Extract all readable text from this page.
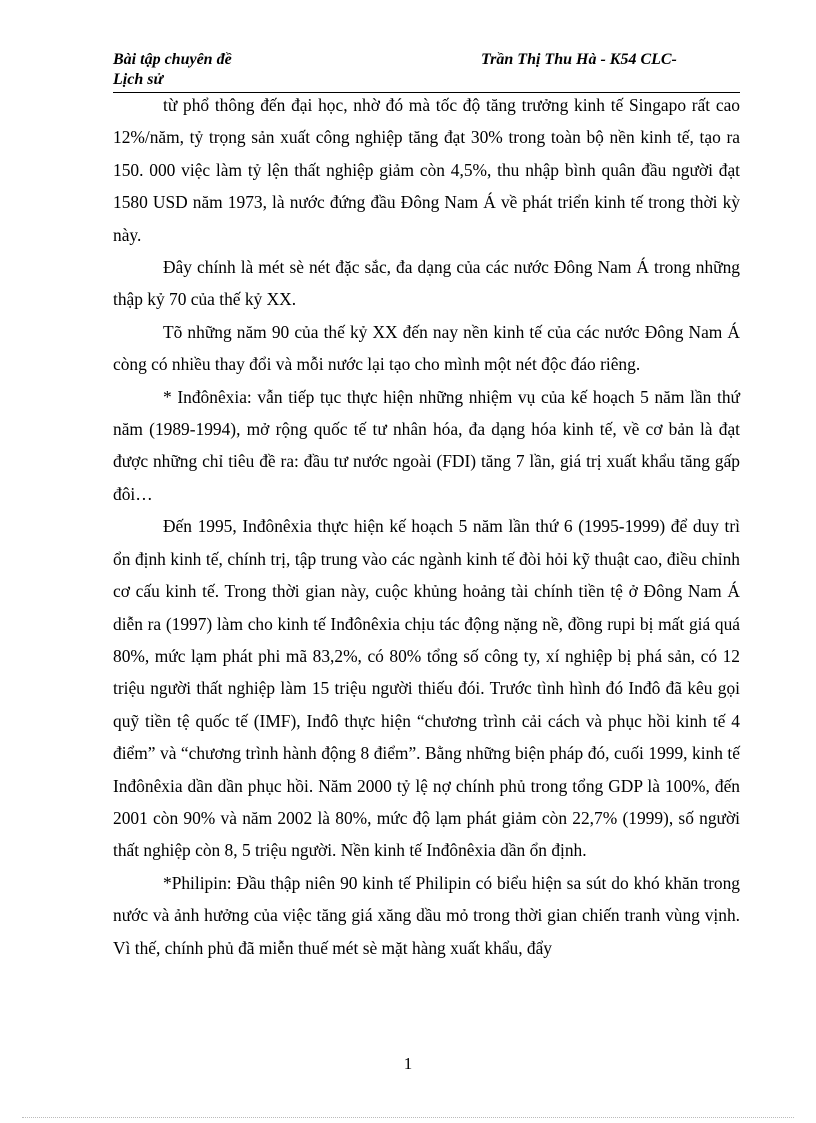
Bài tập chuyên đề
Lịch sử
Trần Thị Thu Hà - K54 CLC-

từ phổ thông đến đại học, nhờ đó mà tốc độ tăng trưởng kinh tế Singapo rất cao 12%/năm, tỷ trọng sản xuất công nghiệp tăng đạt 30% trong toàn bộ nền kinh tế, tạo ra 150. 000 việc làm tỷ lện thất nghiệp giảm còn 4,5%, thu nhập bình quân đầu người đạt 1580 USD năm 1973, là nước đứng đầu Đông Nam Á về phát triển kinh tế trong thời kỳ này.

Đây chính là mét sè nét đặc sắc, đa dạng của các nước Đông Nam Á trong những thập kỷ 70 của thế kỷ XX.

Tõ những năm 90 của thế kỷ XX đến nay nền kinh tế của các nước Đông Nam Á còng có nhiều thay đổi và mỗi nước lại tạo cho mình một nét độc đáo riêng.

* Inđônêxia: vẫn tiếp tục thực hiện những nhiệm vụ của kế hoạch 5 năm lần thứ năm (1989-1994), mở rộng quốc tế tư nhân hóa, đa dạng hóa kinh tế, về cơ bản là đạt được những chỉ tiêu đề ra: đầu tư nước ngoài (FDI) tăng 7 lần, giá trị xuất khẩu tăng gấp đôi…

Đến 1995, Inđônêxia thực hiện kế hoạch 5 năm lần thứ 6 (1995-1999) để duy trì ổn định kinh tế, chính trị, tập trung vào các ngành kinh tế đòi hỏi kỹ thuật cao, điều chỉnh cơ cấu kinh tế. Trong thời gian này, cuộc khủng hoảng tài chính tiền tệ ở Đông Nam Á diễn ra (1997) làm cho kinh tế Inđônêxia chịu tác động nặng nề, đồng rupi bị mất giá quá 80%, mức lạm phát phi mã 83,2%, có 80% tổng số công ty, xí nghiệp bị phá sản, có 12 triệu người thất nghiệp làm 15 triệu người thiếu đói. Trước tình hình đó Inđô đã kêu gọi quỹ tiền tệ quốc tế (IMF), Inđô thực hiện “chương trình cải cách và phục hồi kinh tế 4 điểm” và “chương trình hành động 8 điểm”. Bằng những biện pháp đó, cuối 1999, kinh tế Inđônêxia dần dần phục hồi. Năm 2000 tỷ lệ nợ chính phủ trong tổng GDP là 100%, đến 2001 còn 90% và năm 2002 là 80%, mức độ lạm phát giảm còn 22,7% (1999), số người thất nghiệp còn 8, 5 triệu người. Nền kinh tế Inđônêxia dần ổn định.

*Philipin: Đầu thập niên 90 kinh tế Philipin có biểu hiện sa sút do khó khăn trong nước và ảnh hưởng của việc tăng giá xăng dầu mỏ trong thời gian chiến tranh vùng vịnh. Vì thế, chính phủ đã miễn thuế mét sè mặt hàng xuất khẩu, đẩy

1
